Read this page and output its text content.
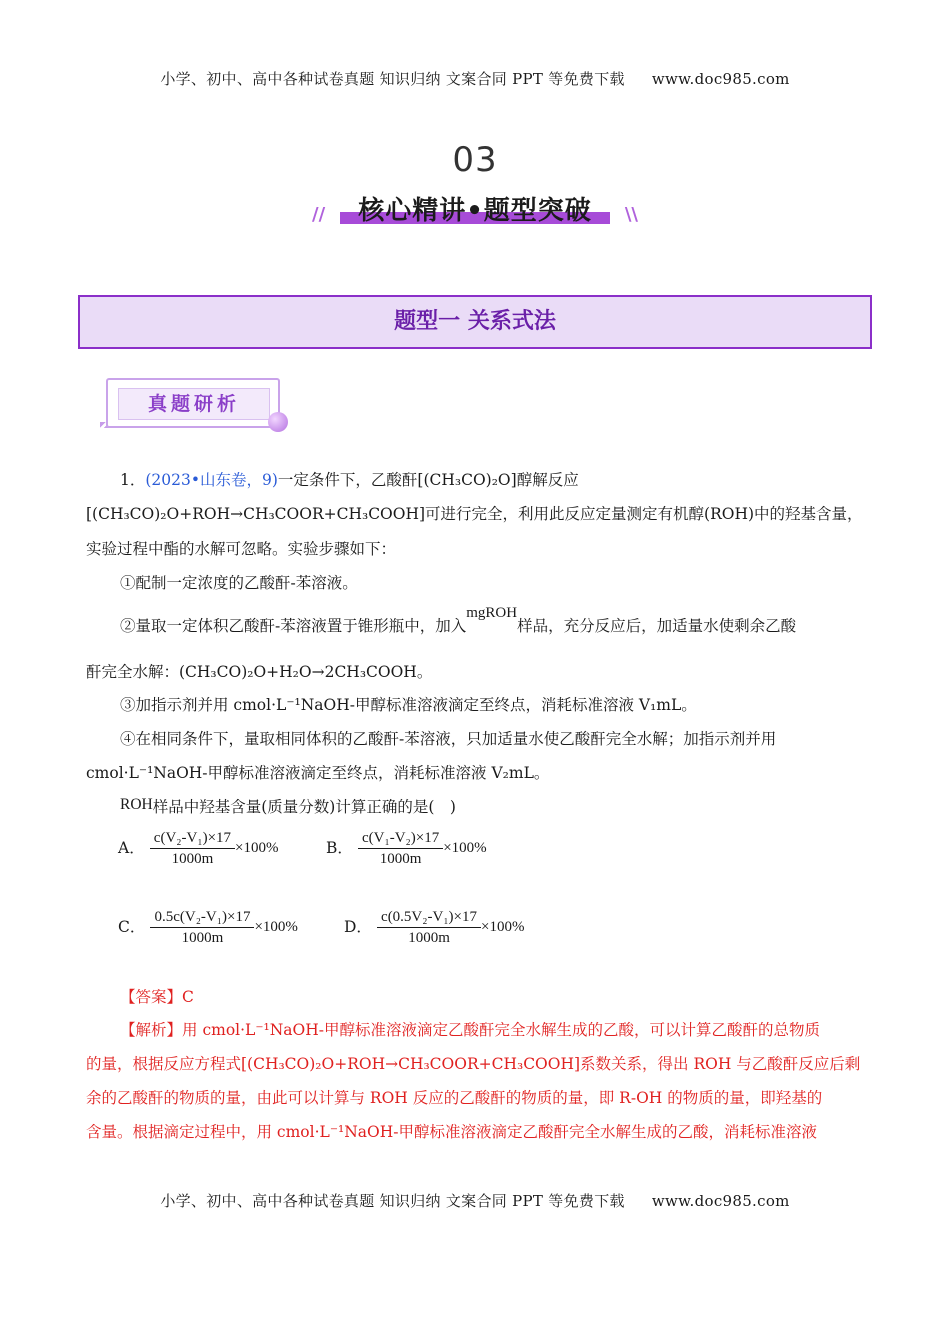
小学、初中、高中各种试卷真题 知识归纳 文案合同 PPT 等免费下载 www.doc985.com
03
//	核心精讲•题型突破	\\
题型一 关系式法
真题研析
1．(2023•山东卷，9)一定条件下，乙酸酐[(CH₃CO)₂O]醇解反应
[(CH₃CO)₂O+ROH→CH₃COOR+CH₃COOH]可进行完全，利用此反应定量测定有机醇(ROH)中的羟基含量，
实验过程中酯的水解可忽略。实验步骤如下：
①配制一定浓度的乙酸酐-苯溶液。
②量取一定体积乙酸酐-苯溶液置于锥形瓶中，加入mgROH样品，充分反应后，加适量水使剩余乙酸
酐完全水解：(CH₃CO)₂O+H₂O→2CH₃COOH。
③加指示剂并用 cmol·L⁻¹NaOH-甲醇标准溶液滴定至终点，消耗标准溶液 V₁mL。
④在相同条件下，量取相同体积的乙酸酐-苯溶液，只加适量水使乙酸酐完全水解；加指示剂并用
cmol·L⁻¹NaOH-甲醇标准溶液滴定至终点，消耗标准溶液 V₂mL。
ROH样品中羟基含量(质量分数)计算正确的是(　)
A． $\frac{\text{c(V₂-V₁)×17}}{1000m} \times 100\%$	B． $\frac{\text{c(V₁-V₂)×17}}{1000m} \times 100\%$
C． $\frac{\text{0.5c(V₂-V₁)×17}}{1000m} \times 100\%$	D． $\frac{\text{c(0.5V₂-V₁)×17}}{1000m} \times 100\%$
【答案】C
【解析】用 cmol·L⁻¹NaOH-甲醇标准溶液滴定乙酸酐完全水解生成的乙酸，可以计算乙酸酐的总物质
的量，根据反应方程式[(CH₃CO)₂O+ROH→CH₃COOR+CH₃COOH]系数关系，得出 ROH 与乙酸酐反应后剩
余的乙酸酐的物质的量，由此可以计算与 ROH 反应的乙酸酐的物质的量，即 R-OH 的物质的量，即羟基的
含量。根据滴定过程中，用 cmol·L⁻¹NaOH-甲醇标准溶液滴定乙酸酐完全水解生成的乙酸，消耗标准溶液
小学、初中、高中各种试卷真题 知识归纳 文案合同 PPT 等免费下载 www.doc985.com
